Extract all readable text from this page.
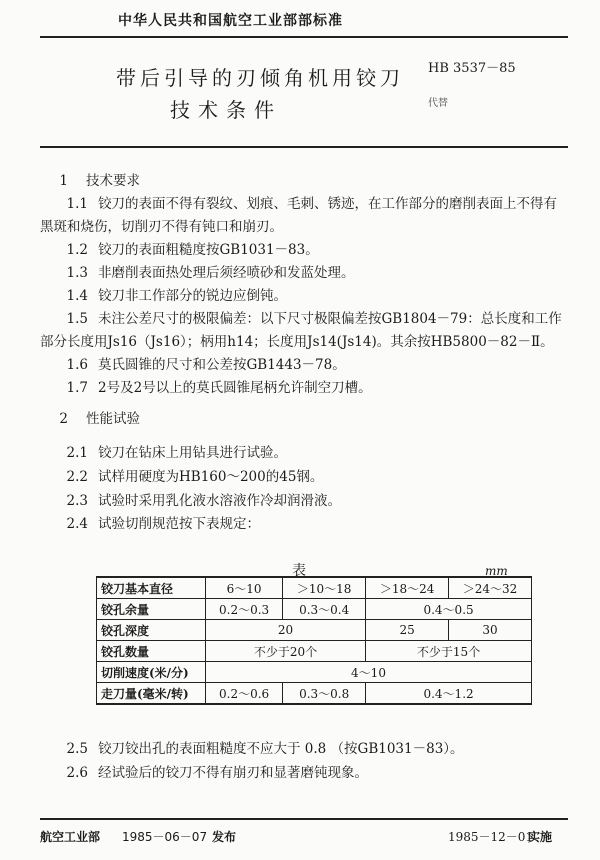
中华人民共和国航空工业部部标准
带后引导的刃倾角机用铰刀
技术条件
HB 3537－85
代替
1 技术要求
1.1 铰刀的表面不得有裂纹、划痕、毛刺、锈迹，在工作部分的磨削表面上不得有黑斑和烧伤，切削刃不得有钝口和崩刃。
1.2 铰刀的表面粗糙度按GB1031－83。
1.3 非磨削表面热处理后须经喷砂和发蓝处理。
1.4 铰刀非工作部分的锐边应倒钝。
1.5 未注公差尺寸的极限偏差：以下尺寸极限偏差按GB1804－79：总长度和工作部分长度用Js16（Js16）；柄用h14；长度用Js14(Js14)。其余按HB5800－82－Ⅱ。
1.6 莫氏圆锥的尺寸和公差按GB1443－78。
1.7 2号及2号以上的莫氏圆锥尾柄允许制空刀槽。
2 性能试验
2.1 铰刀在钻床上用钻具进行试验。
2.2 试样用硬度为HB160～200的45钢。
2.3 试验时采用乳化液水溶液作冷却润滑液。
2.4 试验切削规范按下表规定：
表	mm
铰刀基本直径	6～10	＞10～18	＞18～24	＞24～32
铰孔余量	0.2～0.3	0.3～0.4	0.4～0.5	
铰孔深度	20		25	30
铰孔数量	不少于20个		不少于15个	
切削速度(米/分)	4～10			
走刀量(毫米/转)	0.2～0.6	0.3～0.8	0.4～1.2	
2.5 铰刀铰出孔的表面粗糙度不应大于 0.8 （按GB1031－83）。
2.6 经试验后的铰刀不得有崩刃和显著磨钝现象。
航空工业部 1985－06－07 发布	1985－12－01
实施
